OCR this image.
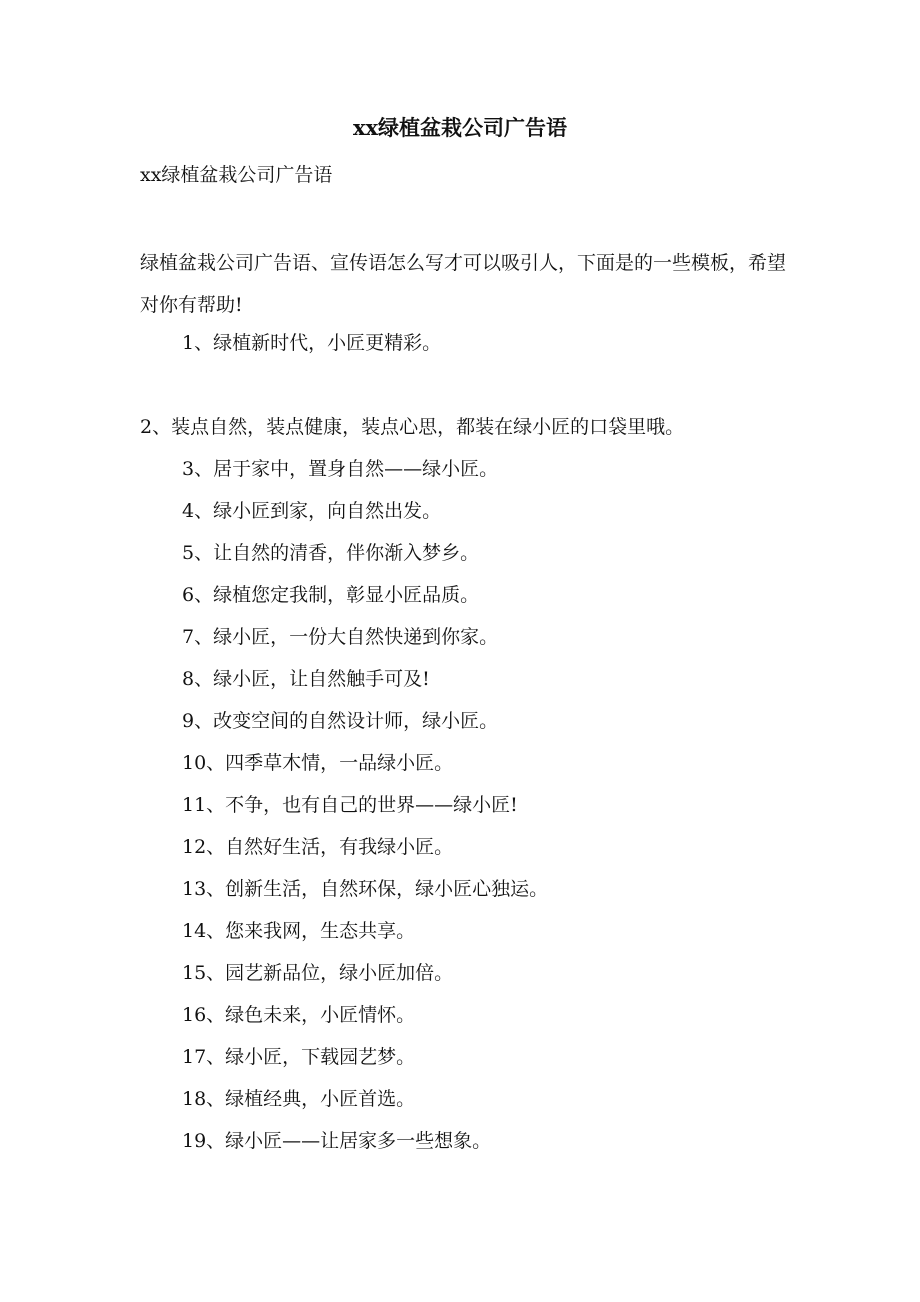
xx绿植盆栽公司广告语
xx绿植盆栽公司广告语
绿植盆栽公司广告语、宣传语怎么写才可以吸引人，下面是的一些模板，希望对你有帮助!
1、绿植新时代，小匠更精彩。
2、装点自然，装点健康，装点心思，都装在绿小匠的口袋里哦。
3、居于家中，置身自然——绿小匠。
4、绿小匠到家，向自然出发。
5、让自然的清香，伴你渐入梦乡。
6、绿植您定我制，彰显小匠品质。
7、绿小匠，一份大自然快递到你家。
8、绿小匠，让自然触手可及!
9、改变空间的自然设计师，绿小匠。
10、四季草木情，一品绿小匠。
11、不争，也有自己的世界——绿小匠!
12、自然好生活，有我绿小匠。
13、创新生活，自然环保，绿小匠心独运。
14、您来我网，生态共享。
15、园艺新品位，绿小匠加倍。
16、绿色未来，小匠情怀。
17、绿小匠，下载园艺梦。
18、绿植经典，小匠首选。
19、绿小匠——让居家多一些想象。
